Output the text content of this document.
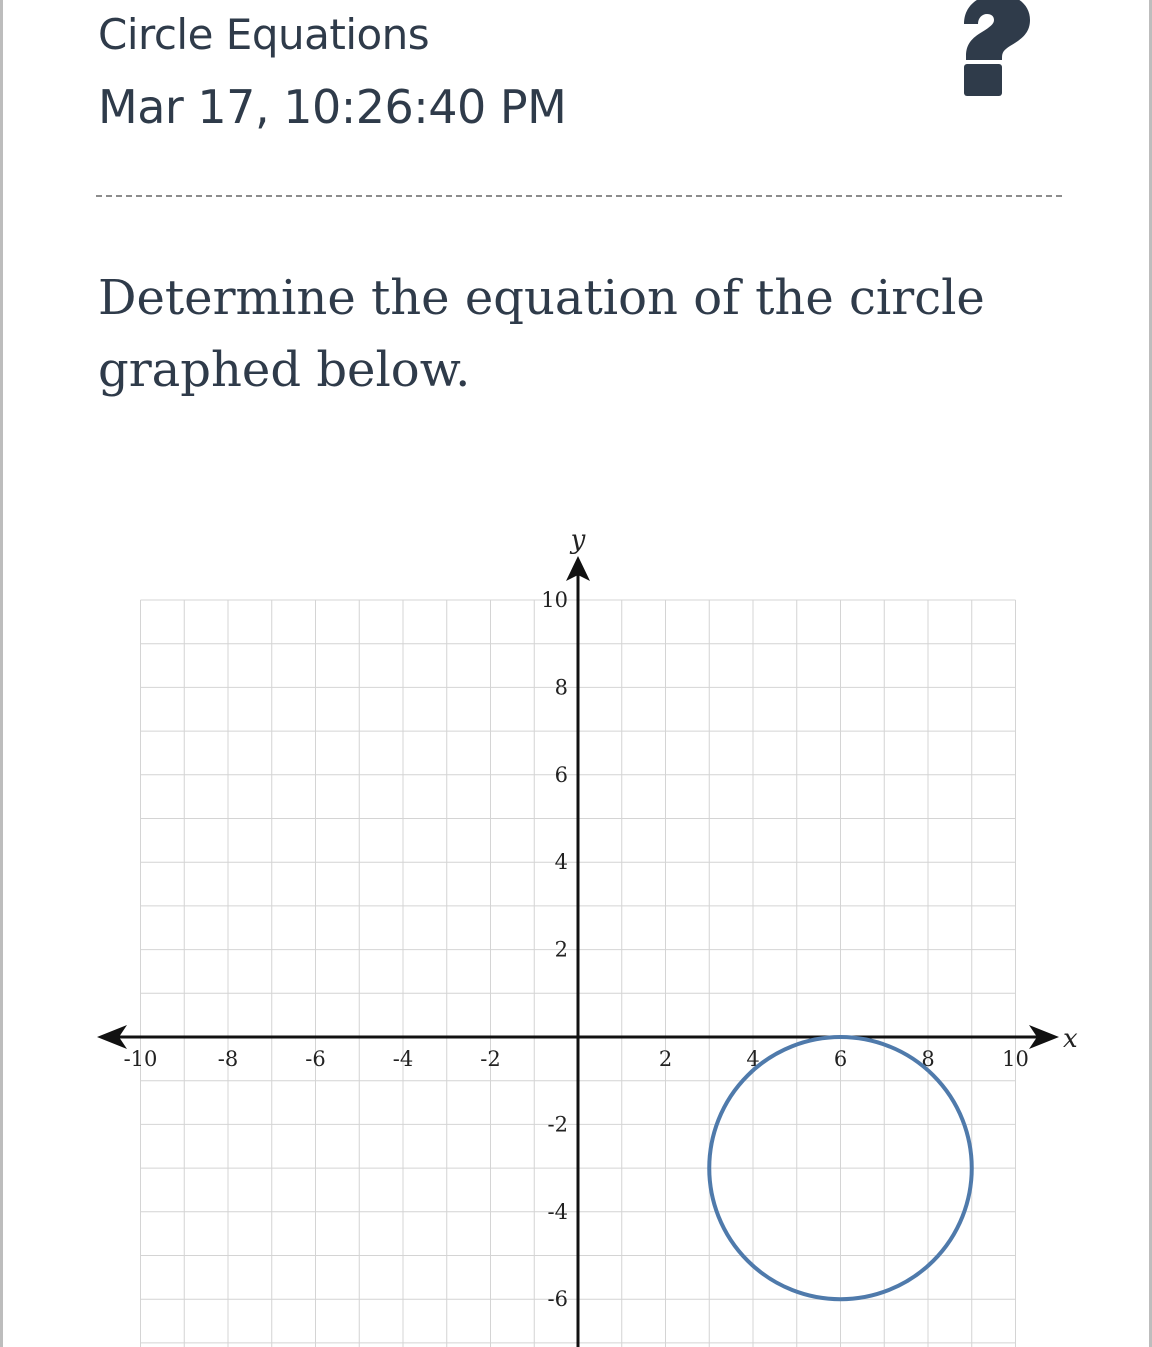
Circle Equations
Mar 17, 10:26:40 PM
Determine the equation of the circle graphed below.
x
y
-10	-8	-6	-4	-2	2	4	6	8	10
10
8
6
4
2
-2
-4
-6
